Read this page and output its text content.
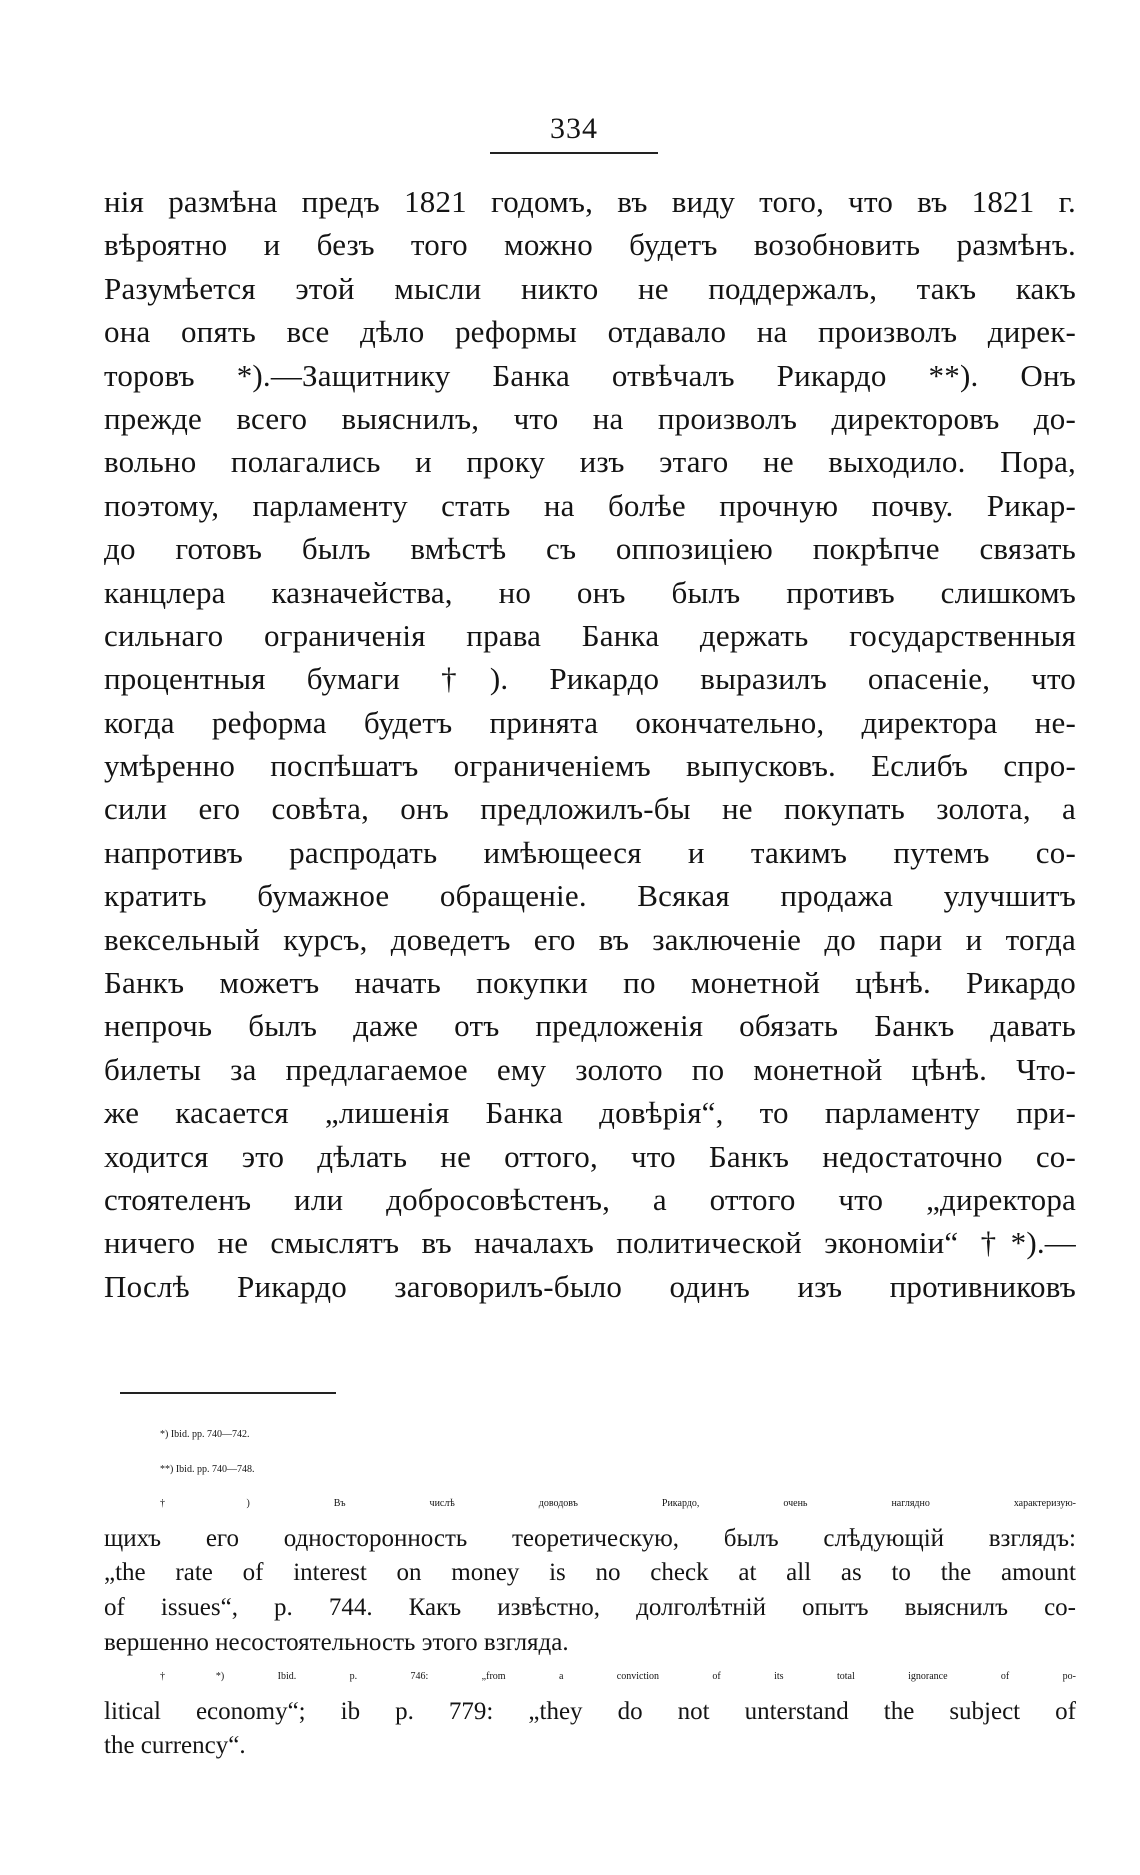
334
нія размѣна предъ 1821 годомъ, въ виду того, что въ 1821 г.
вѣроятно и безъ того можно будетъ возобновить размѣнъ.
Разумѣется этой мысли никто не поддержалъ, такъ какъ
она опять все дѣло реформы отдавало на произволъ дирек-
торовъ *).—Защитнику Банка отвѣчалъ Рикардо **). Онъ
прежде всего выяснилъ, что на произволъ директоровъ до-
вольно полагались и проку изъ этаго не выходило. Пора,
поэтому, парламенту стать на болѣе прочную почву. Рикар-
до готовъ былъ вмѣстѣ съ оппозиціею покрѣпче связать
канцлера казначейства, но онъ былъ противъ слишкомъ
сильнаго ограниченія права Банка держать государственныя
процентныя бумаги †). Рикардо выразилъ опасеніе, что
когда реформа будетъ принята окончательно, директора не-
умѣренно поспѣшатъ ограниченіемъ выпусковъ. Еслибъ спро-
сили его совѣта, онъ предложилъ-бы не покупать золота, а
напротивъ распродать имѣющееся и такимъ путемъ со-
кратить бумажное обращеніе. Всякая продажа улучшитъ
вексельный курсъ, доведетъ его въ заключеніе до пари и тогда
Банкъ можетъ начать покупки по монетной цѣнѣ. Рикардо
непрочь былъ даже отъ предложенія обязать Банкъ давать
билеты за предлагаемое ему золото по монетной цѣнѣ. Что-
же касается „лишенія Банка довѣрія“, то парламенту при-
ходится это дѣлать не оттого, что Банкъ недостаточно со-
стоятеленъ или добросовѣстенъ, а оттого что „директора
ничего не смыслятъ въ началахъ политической экономіи“ †*).—
Послѣ Рикардо заговорилъ-было одинъ изъ противниковъ
*) Ibid. pp. 740—742.
**) Ibid. pp. 740—748.
†) Въ числѣ доводовъ Рикардо, очень наглядно характеризую-
щихъ его односторонность теоретическую, былъ слѣдующій взглядъ:
„the rate of interest on money is no check at all as to the amount
of issues“, p. 744. Какъ извѣстно, долголѣтній опытъ выяснилъ со-
вершенно несостоятельность этого взгляда.
†*) Ibid. p. 746: „from a conviction of its total ignorance of po-
litical economy“; ib p. 779: „they do not unterstand the subject of
the currency“.
